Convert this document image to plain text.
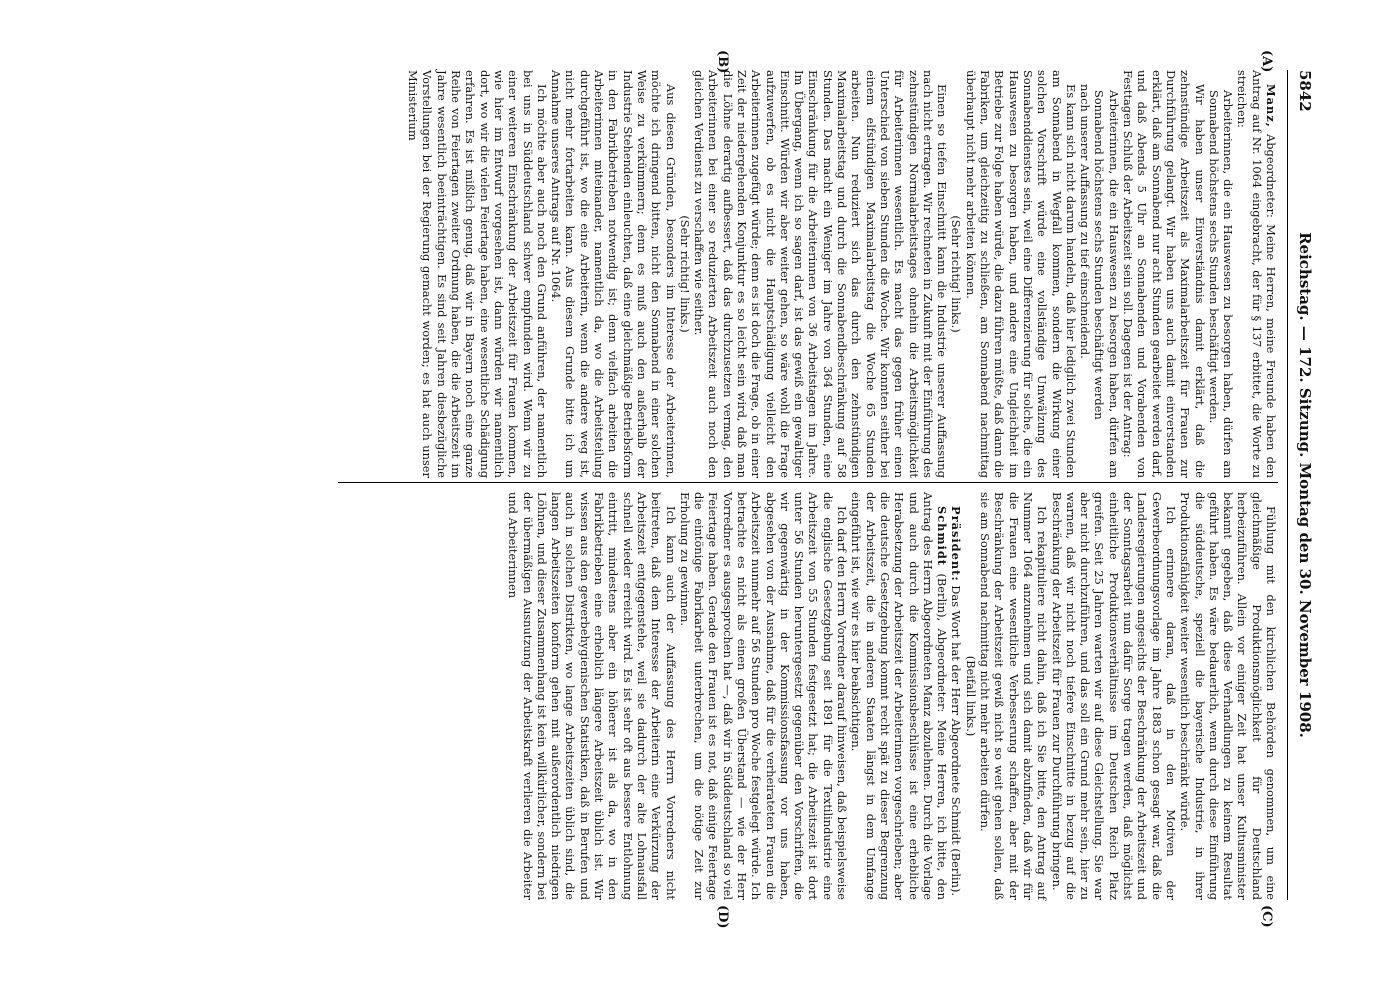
5842
Reichstag. — 172. Sitzung. Montag den 30. November 1908.
(A)
(B)
(C)
(D)

Manz, Abgeordneter: Meine Herren, meine Freunde haben den Antrag auf Nr. 1064 eingebracht, der für § 137 erbittet, die Worte zu streichen:

Arbeiterinnen, die ein Hauswesen zu besorgen haben, dürfen am Sonnabend höchstens sechs Stunden beschäftigt werden.

Wir haben unser Einverständnis damit erklärt, daß die zehnstündige Arbeitszeit als Maximalarbeitszeit für Frauen zur Durchführung gelangt. Wir haben uns auch damit einverstanden erklärt, daß am Sonnabend nur acht Stunden gearbeitet werden darf, und daß Abends 5 Uhr an Sonnabenden und Vorabenden von Festtagen Schluß der Arbeitszeit sein soll. Dagegen ist der Antrag:

Arbeiterinnen, die ein Hauswesen zu besorgen haben, dürfen am Sonnabend höchstens sechs Stunden beschäftigt werden

nach unserer Auffassung zu tief einschneidend.

Es kann sich nicht darum handeln, daß hier lediglich zwei Stunden am Sonnabend in Wegfall kommen, sondern die Wirkung einer solchen Vorschrift würde eine vollständige Umwälzung des Sonnabenddienstes sein, weil eine Differenzierung für solche, die ein Hauswesen zu besorgen haben, und andere eine Ungleichheit im Betriebe zur Folge haben würde, die dazu führen müßte, daß dann die Fabriken, um gleichzeitig zu schließen, am Sonnabend nachmittag überhaupt nicht mehr arbeiten können.

(Sehr richtig! links.)

Einen so tiefen Einschnitt kann die Industrie unserer Auffassung nach nicht ertragen. Wir rechneten in Zukunft mit der Einführung des zehnstündigen Normalarbeitstages ohnehin die Arbeitsmöglichkeit für Arbeiterinnen wesentlich. Es macht das gegen früher einen Unterschied von sieben Stunden die Woche. Wir konnten seither bei einem elfstündigen Maximalarbeitstag die Woche 65 Stunden arbeiten. Nun reduziert sich das durch den zehnstündigen Maximalarbeitstag und durch die Sonnabendbeschränkung auf 58 Stunden. Das macht ein Weniger im Jahre von 364 Stunden, eine Einschränkung für die Arbeiterinnen von 36 Arbeitstagen im Jahre. Im Übergang, wenn ich so sagen darf, ist das gewiß ein gewaltiger Einschnitt. Würden wir aber weiter gehen, so wäre wohl die Frage aufzuwerfen, ob es nicht die Hauptschädigung vielleicht den Arbeiterinnen zugefügt würde; denn es ist doch die Frage, ob in einer Zeit der niedergehenden Konjunktur es so leicht sein wird, daß man die Löhne derartig aufbessert, daß das durchzusetzen vermag, den Arbeiterinnen bei einer so reduzierten Arbeitszeit auch noch den gleichen Verdienst zu verschaffen wie seither.

(Sehr richtig! links.)

Aus diesen Gründen, besonders im Interesse der Arbeiterinnen, möchte ich dringend bitten, nicht den Sonnabend in einer solchen Weise zu verkümmern; denn es muß auch den außerhalb der Industrie Stehenden einleuchten, daß eine gleichmäßige Betriebsform in den Fabrikbetrieben notwendig ist; denn vielfach arbeiten die Arbeiterinnen miteinander, namentlich da, wo die Arbeitsteilung durchgeführt ist, wo die eine Arbeiterin, wenn die andere weg ist, nicht mehr fortarbeiten kann. Aus diesem Grunde bitte ich um Annahme unseres Antrags auf Nr. 1064.

Ich möchte aber auch noch den Grund anführen, der namentlich bei uns in Süddeutschland schwer empfunden wird. Wenn wir zu einer weiteren Einschränkung der Arbeitszeit für Frauen kommen, wie hier im Entwurf vorgesehen ist, dann würden wir namentlich dort, wo wir die vielen Feiertage haben, eine wesentliche Schädigung erfahren. Es ist mißlich genug, daß wir in Bayern noch eine ganze Reihe von Feiertagen zweiter Ordnung haben, die die Arbeitszeit im Jahre wesentlich beeinträchtigen. Es sind seit Jahren diesbezügliche Vorstellungen bei der Regierung gemacht worden; es hat auch unser Ministerium

Fühlung mit den kirchlichen Behörden genommen, um eine gleichmäßige Produktionsmöglichkeit für Deutschland herbeizuführen. Allein vor einiger Zeit hat unser Kultusminister bekannt gegeben, daß diese Verhandlungen zu keinem Resultat geführt haben. Es wäre bedauerlich, wenn durch diese Einführung die süddeutsche, speziell die bayerische Industrie, in ihrer Produktionsfähigkeit weiter wesentlich beschränkt würde.

Ich erinnere daran, daß in den Motiven der Gewerbeordnungsvorlage im Jahre 1883 schon gesagt war, daß die Landesregierungen angesichts der Beschränkung der Arbeitszeit und der Sonntagsarbeit nun dafür Sorge tragen werden, daß möglichst einheitliche Produktionsverhältnisse im Deutschen Reich Platz greifen. Seit 25 Jahren warten wir auf diese Gleichstellung. Sie war aber nicht durchzuführen, und das soll ein Grund mehr sein, hier zu warnen, daß wir nicht noch tiefere Einschnitte in bezug auf die Beschränkung der Arbeitszeit für Frauen zur Durchführung bringen.

Ich rekapituliere nicht dahin, daß ich Sie bitte, den Antrag auf Nummer 1064 anzunehmen und sich damit abzufinden, daß wir für die Frauen eine wesentliche Verbesserung schaffen, aber mit der Beschränkung der Arbeitszeit gewiß nicht so weit gehen sollen, daß sie am Sonnabend nachmittag nicht mehr arbeiten dürfen.

(Beifall links.)

Präsident: Das Wort hat der Herr Abgeordnete Schmidt (Berlin).

Schmidt (Berlin), Abgeordneter: Meine Herren, ich bitte, den Antrag des Herrn Abgeordneten Manz abzulehnen. Durch die Vorlage und auch durch die Kommissionsbeschlüsse ist eine erhebliche Herabsetzung der Arbeitszeit der Arbeiterinnen vorgeschrieben; aber die deutsche Gesetzgebung kommt recht spät zu dieser Begrenzung der Arbeitszeit, die in anderen Staaten längst in dem Umfange eingeführt ist, wie wir es hier beabsichtigen.

Ich darf den Herrn Vorredner darauf hinweisen, daß beispielsweise die englische Gesetzgebung seit 1891 für die Textilindustrie eine Arbeitszeit von 55 Stunden festgesetzt hat; die Arbeitszeit ist dort unter 56 Stunden heruntergesetzt gegenüber den Vorschriften, die wir gegenwärtig in der Kommissionsfassung vor uns haben, abgesehen von der Ausnahme, daß für die verheirateten Frauen die Arbeitszeit nunmehr auf 56 Stunden pro Woche festgelegt würde. Ich betrachte es nicht als einen großen Überstand — wie der Herr Vorredner es ausgesprochen hat —, daß wir in Süddeutschland so viel Feiertage haben. Gerade den Frauen ist es not, daß einige Feiertage die eintönige Fabrikarbeit unterbrechen, um die nötige Zeit zur Erholung zu gewinnen.

Ich kann auch der Auffassung des Herrn Vorredners nicht beitreten, daß dem Interesse der Arbeiterin eine Verkürzung der Arbeitszeit entgegenstehe, weil sie dadurch der alte Lohnausfall schnell wieder erreicht wird. Es ist sehr oft aus bessere Entlohnung eintritt, mindestens aber ein höherer ist als da, wo in den Fabrikbetrieben eine erheblich längere Arbeitszeit üblich ist. Wir wissen aus den gewerbehygienischen Statistiken, daß in Berufen und auch in solchen Distrikten, wo lange Arbeitszeiten üblich sind, die langen Arbeitszeiten konform gehen mit außerordentlich niedrigen Löhnen, und dieser Zusammenhang ist kein willkürlicher, sondern bei der übermäßigen Ausnutzung der Arbeitskraft verlieren die Arbeiter und Arbeiterinnen
